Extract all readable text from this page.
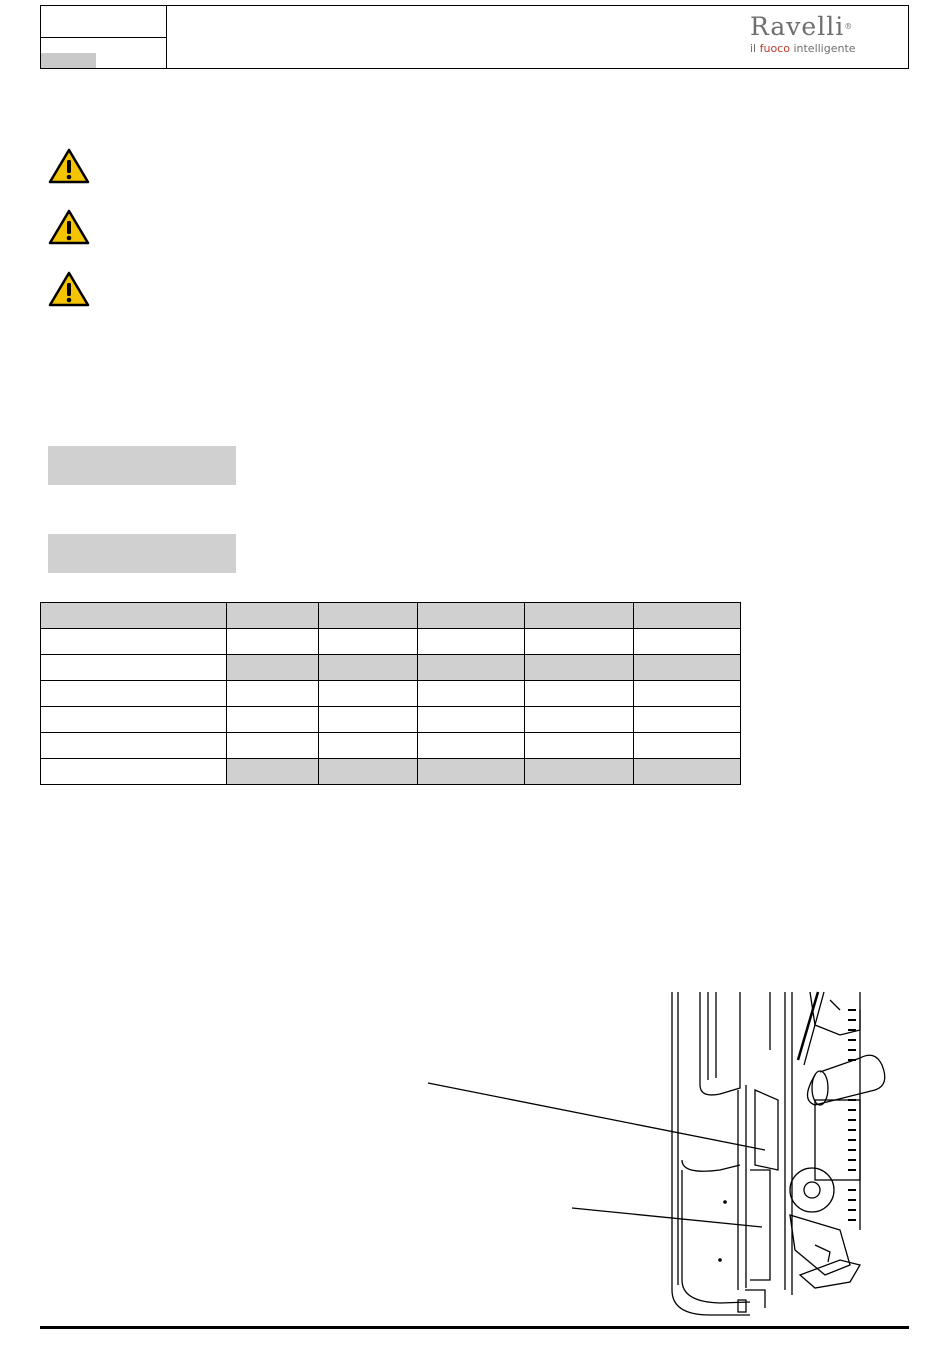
Ravelli®
il fuoco intelligente
